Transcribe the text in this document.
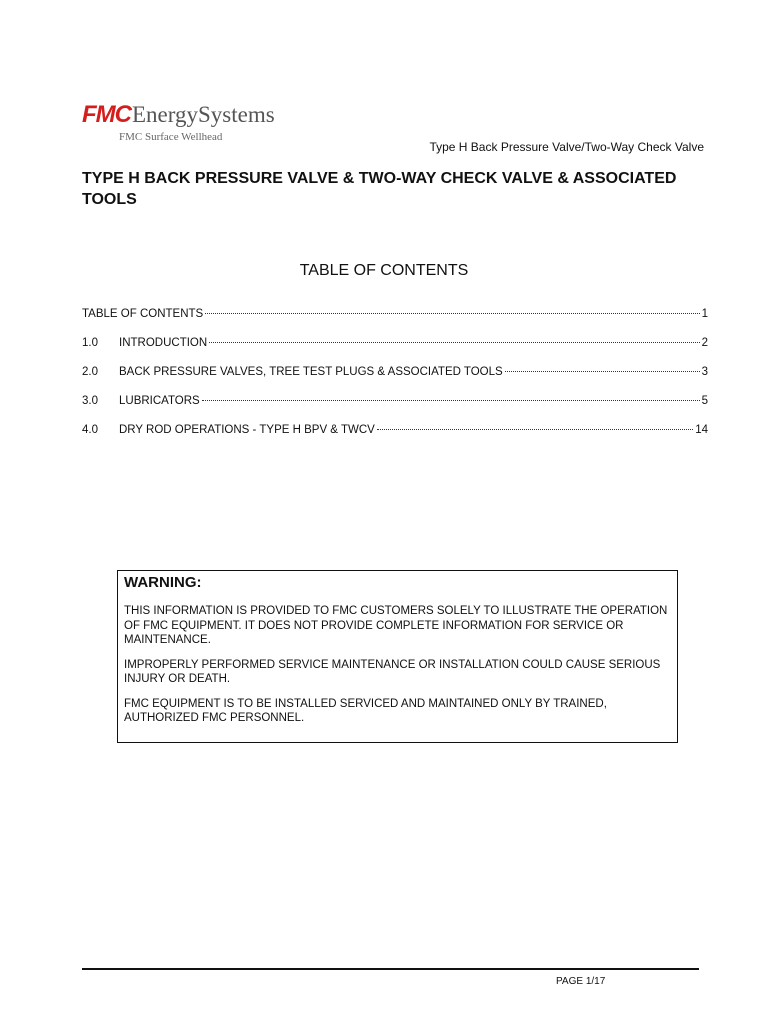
FMCEnergySystems
FMC Surface Wellhead
Type H Back Pressure Valve/Two-Way Check Valve
TYPE H BACK PRESSURE VALVE & TWO-WAY CHECK VALVE & ASSOCIATED TOOLS
TABLE OF CONTENTS
TABLE OF CONTENTS	1
1.0	INTRODUCTION	2
2.0	BACK PRESSURE VALVES, TREE TEST PLUGS & ASSOCIATED TOOLS	3
3.0	LUBRICATORS	5
4.0	DRY ROD OPERATIONS - TYPE H BPV & TWCV	14

WARNING:

THIS INFORMATION IS PROVIDED TO FMC CUSTOMERS SOLELY TO ILLUSTRATE THE OPERATION OF FMC EQUIPMENT. IT DOES NOT PROVIDE COMPLETE INFORMATION FOR SERVICE OR MAINTENANCE.

IMPROPERLY PERFORMED SERVICE MAINTENANCE OR INSTALLATION COULD CAUSE SERIOUS INJURY OR DEATH.

FMC EQUIPMENT IS TO BE INSTALLED SERVICED AND MAINTAINED ONLY BY TRAINED, AUTHORIZED FMC PERSONNEL.

PAGE 1/17
